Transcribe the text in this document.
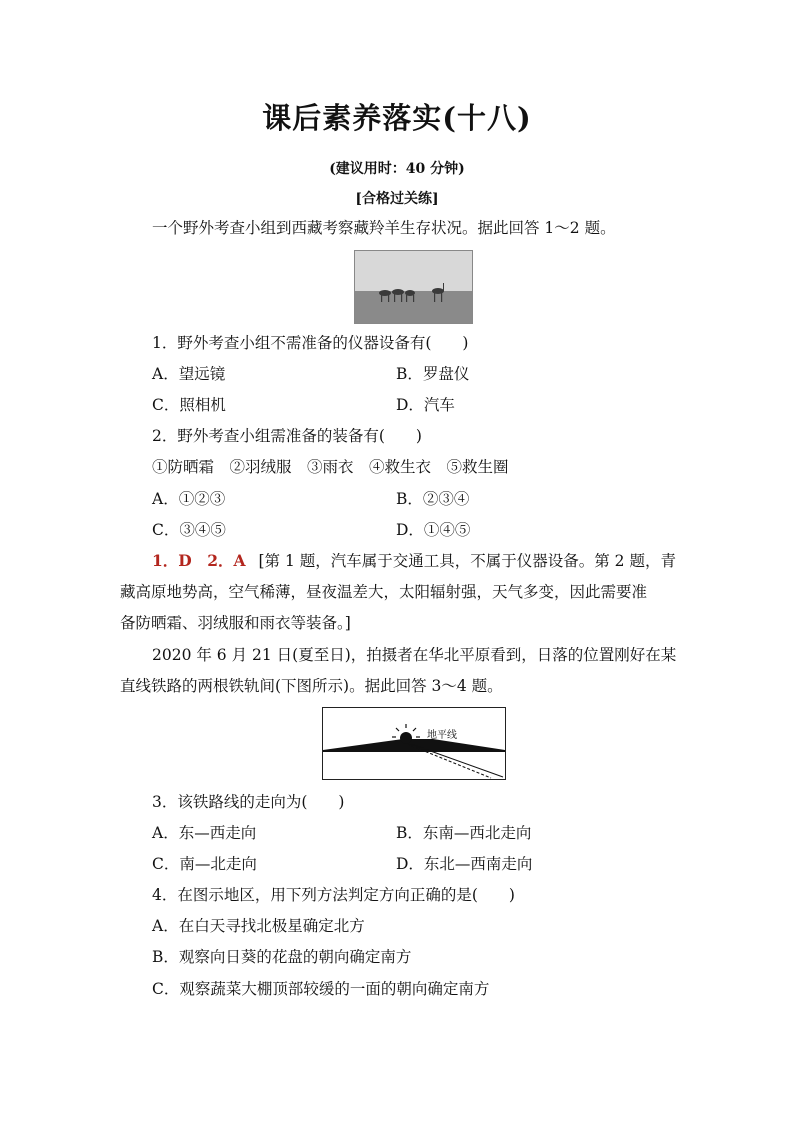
课后素养落实(十八)
(建议用时：40 分钟)
[合格过关练]
一个野外考查小组到西藏考察藏羚羊生存状况。据此回答 1～2 题。
1．野外考查小组不需准备的仪器设备有(　　)
A．望远镜	B．罗盘仪
C．照相机	D．汽车
2．野外考查小组需准备的装备有(　　)
①防晒霜　②羽绒服　③雨衣　④救生衣　⑤救生圈
A．①②③	B．②③④
C．③④⑤	D．①④⑤
1．D　2．A [第 1 题，汽车属于交通工具，不属于仪器设备。第 2 题，青
藏高原地势高，空气稀薄，昼夜温差大，太阳辐射强，天气多变，因此需要准
备防晒霜、羽绒服和雨衣等装备。]
2020 年 6 月 21 日(夏至日)，拍摄者在华北平原看到，日落的位置刚好在某
直线铁路的两根铁轨间(下图所示)。据此回答 3～4 题。
地平线
3．该铁路线的走向为(　　)
A．东—西走向	B．东南—西北走向
C．南—北走向	D．东北—西南走向
4．在图示地区，用下列方法判定方向正确的是(　　)
A．在白天寻找北极星确定北方
B．观察向日葵的花盘的朝向确定南方
C．观察蔬菜大棚顶部较缓的一面的朝向确定南方
